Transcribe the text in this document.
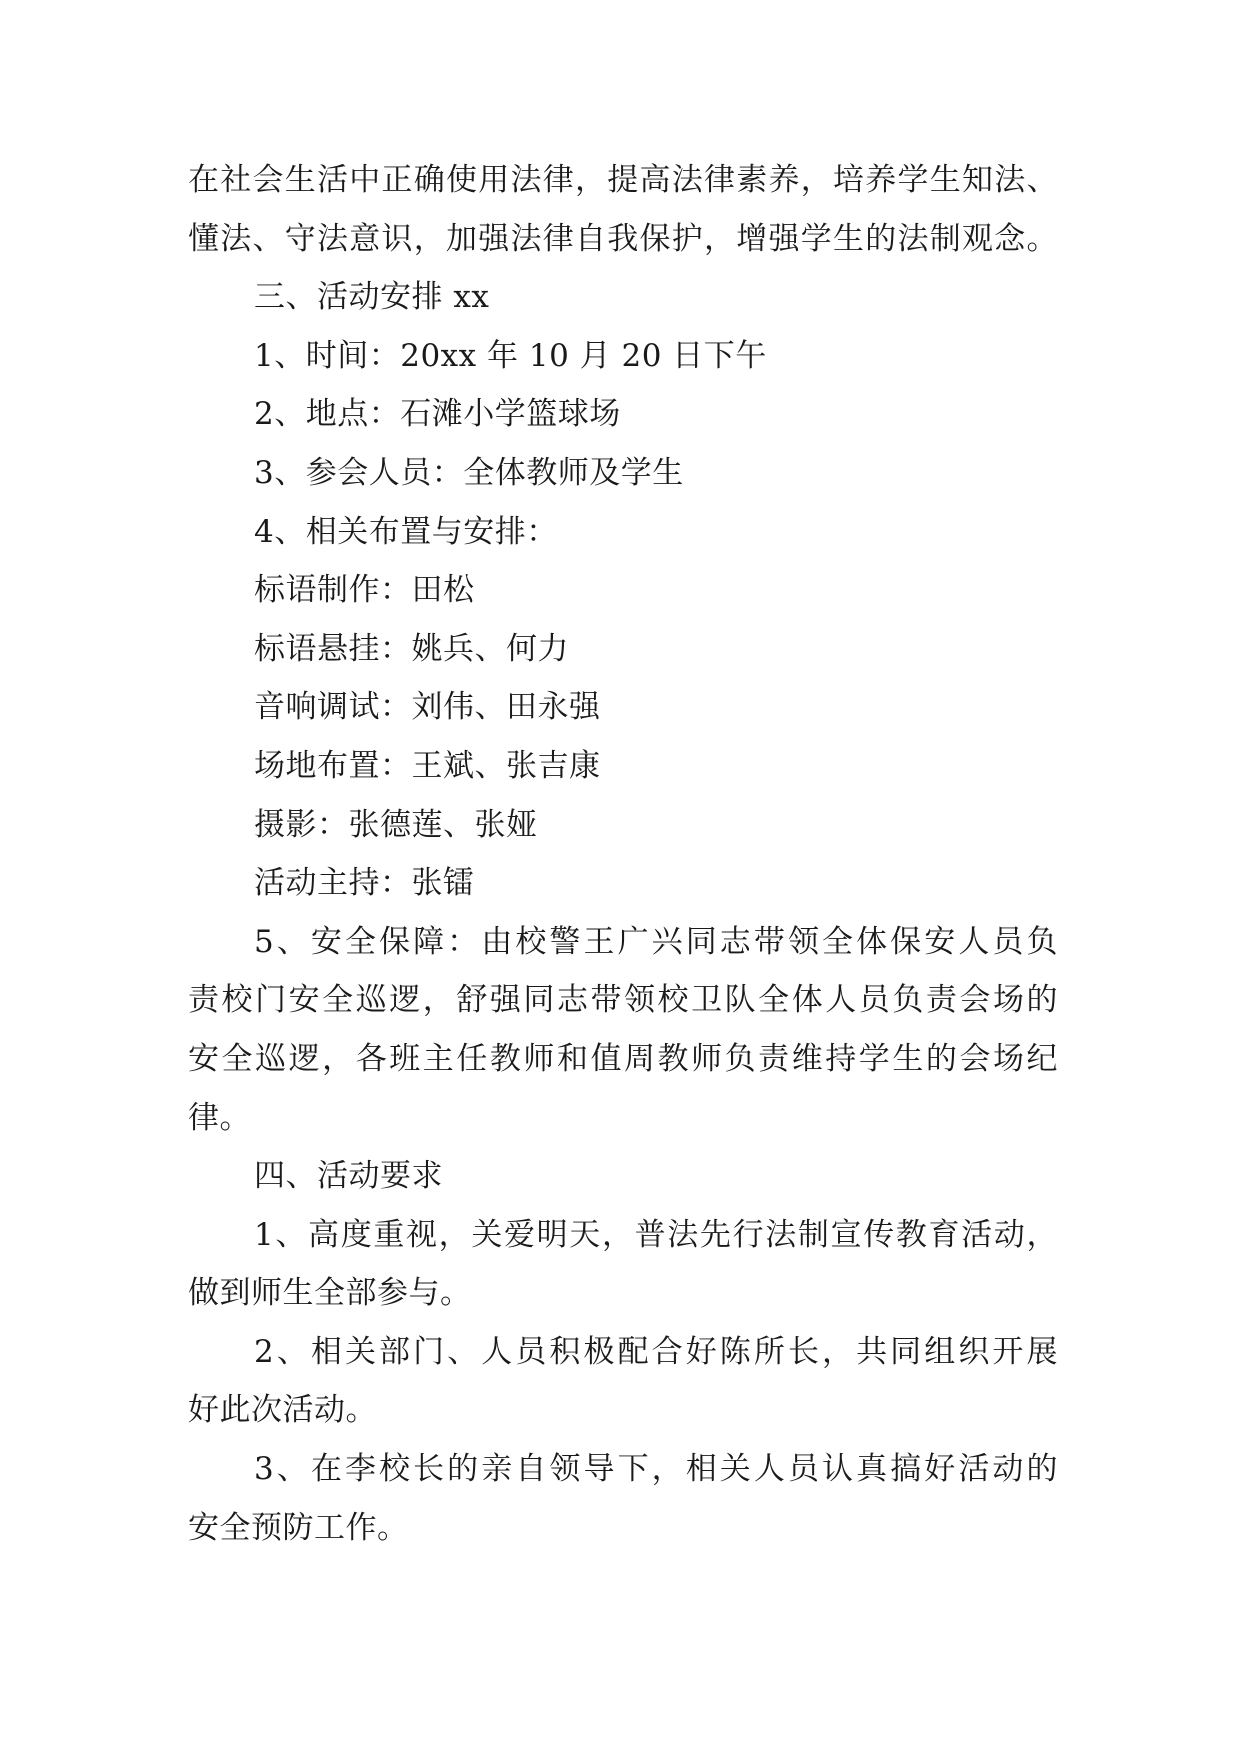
在社会生活中正确使用法律，提高法律素养，培养学生知法、
懂法、守法意识，加强法律自我保护，增强学生的法制观念。
三、活动安排 xx
1、时间：20xx 年 10 月 20 日下午
2、地点：石滩小学篮球场
3、参会人员：全体教师及学生
4、相关布置与安排：
标语制作：田松
标语悬挂：姚兵、何力
音响调试：刘伟、田永强
场地布置：王斌、张吉康
摄影：张德莲、张娅
活动主持：张镭
5、安全保障：由校警王广兴同志带领全体保安人员负
责校门安全巡逻，舒强同志带领校卫队全体人员负责会场的
安全巡逻，各班主任教师和值周教师负责维持学生的会场纪
律。
四、活动要求
1、高度重视，关爱明天，普法先行法制宣传教育活动，
做到师生全部参与。
2、相关部门、人员积极配合好陈所长，共同组织开展
好此次活动。
3、在李校长的亲自领导下，相关人员认真搞好活动的
安全预防工作。
